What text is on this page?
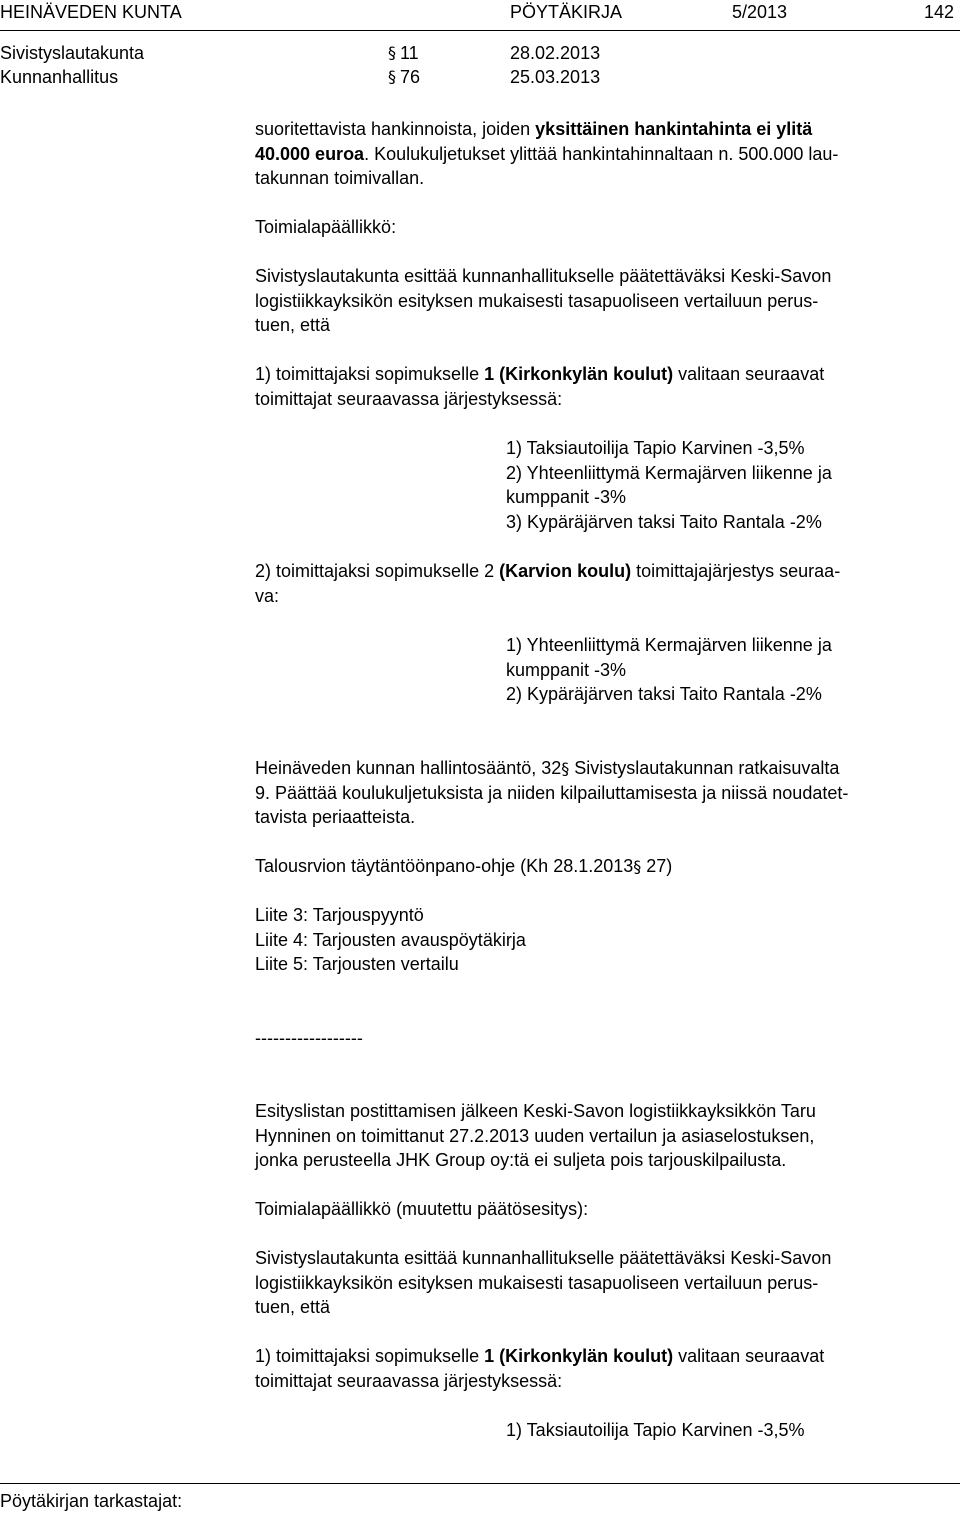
HEINÄVEDEN KUNTA	PÖYTÄKIRJA	5/2013	142
Sivistyslautakunta	§ 11	28.02.2013
Kunnanhallitus	§ 76	25.03.2013
suoritettavista hankinnoista, joiden yksittäinen hankintahinta ei ylitä
40.000 euroa. Koulukuljetukset ylittää hankintahinnaltaan n. 500.000 lau-
takunnan toimivallan.
Toimialapäällikkö:
Sivistyslautakunta esittää kunnanhallitukselle päätettäväksi Keski-Savon
logistiikkayksikön esityksen mukaisesti tasapuoliseen vertailuun perus-
tuen, että
1) toimittajaksi sopimukselle 1 (Kirkonkylän koulut) valitaan seuraavat
toimittajat seuraavassa järjestyksessä:
1) Taksiautoilija Tapio Karvinen -3,5%
2) Yhteenliittymä Kermajärven liikenne ja
kumppanit -3%
3) Kypäräjärven taksi Taito Rantala -2%
2) toimittajaksi sopimukselle 2 (Karvion koulu) toimittajajärjestys seuraa-
va:
1) Yhteenliittymä Kermajärven liikenne ja
kumppanit -3%
2) Kypäräjärven taksi Taito Rantala -2%
Heinäveden kunnan hallintosääntö, 32§ Sivistyslautakunnan ratkaisuvalta
9. Päättää koulukuljetuksista ja niiden kilpailuttamisesta ja niissä noudatet-
tavista periaatteista.
Talousrvion täytäntöönpano-ohje (Kh 28.1.2013§ 27)
Liite 3: Tarjouspyyntö
Liite 4: Tarjousten avauspöytäkirja
Liite 5: Tarjousten vertailu
------------------
Esityslistan postittamisen jälkeen Keski-Savon logistiikkayksikkön Taru
Hynninen on toimittanut 27.2.2013 uuden vertailun ja asiaselostuksen,
jonka perusteella JHK Group oy:tä ei suljeta pois tarjouskilpailusta.
Toimialapäällikkö (muutettu päätösesitys):
Sivistyslautakunta esittää kunnanhallitukselle päätettäväksi Keski-Savon
logistiikkayksikön esityksen mukaisesti tasapuoliseen vertailuun perus-
tuen, että
1) toimittajaksi sopimukselle 1 (Kirkonkylän koulut) valitaan seuraavat
toimittajat seuraavassa järjestyksessä:
1) Taksiautoilija Tapio Karvinen -3,5%
Pöytäkirjan tarkastajat:
